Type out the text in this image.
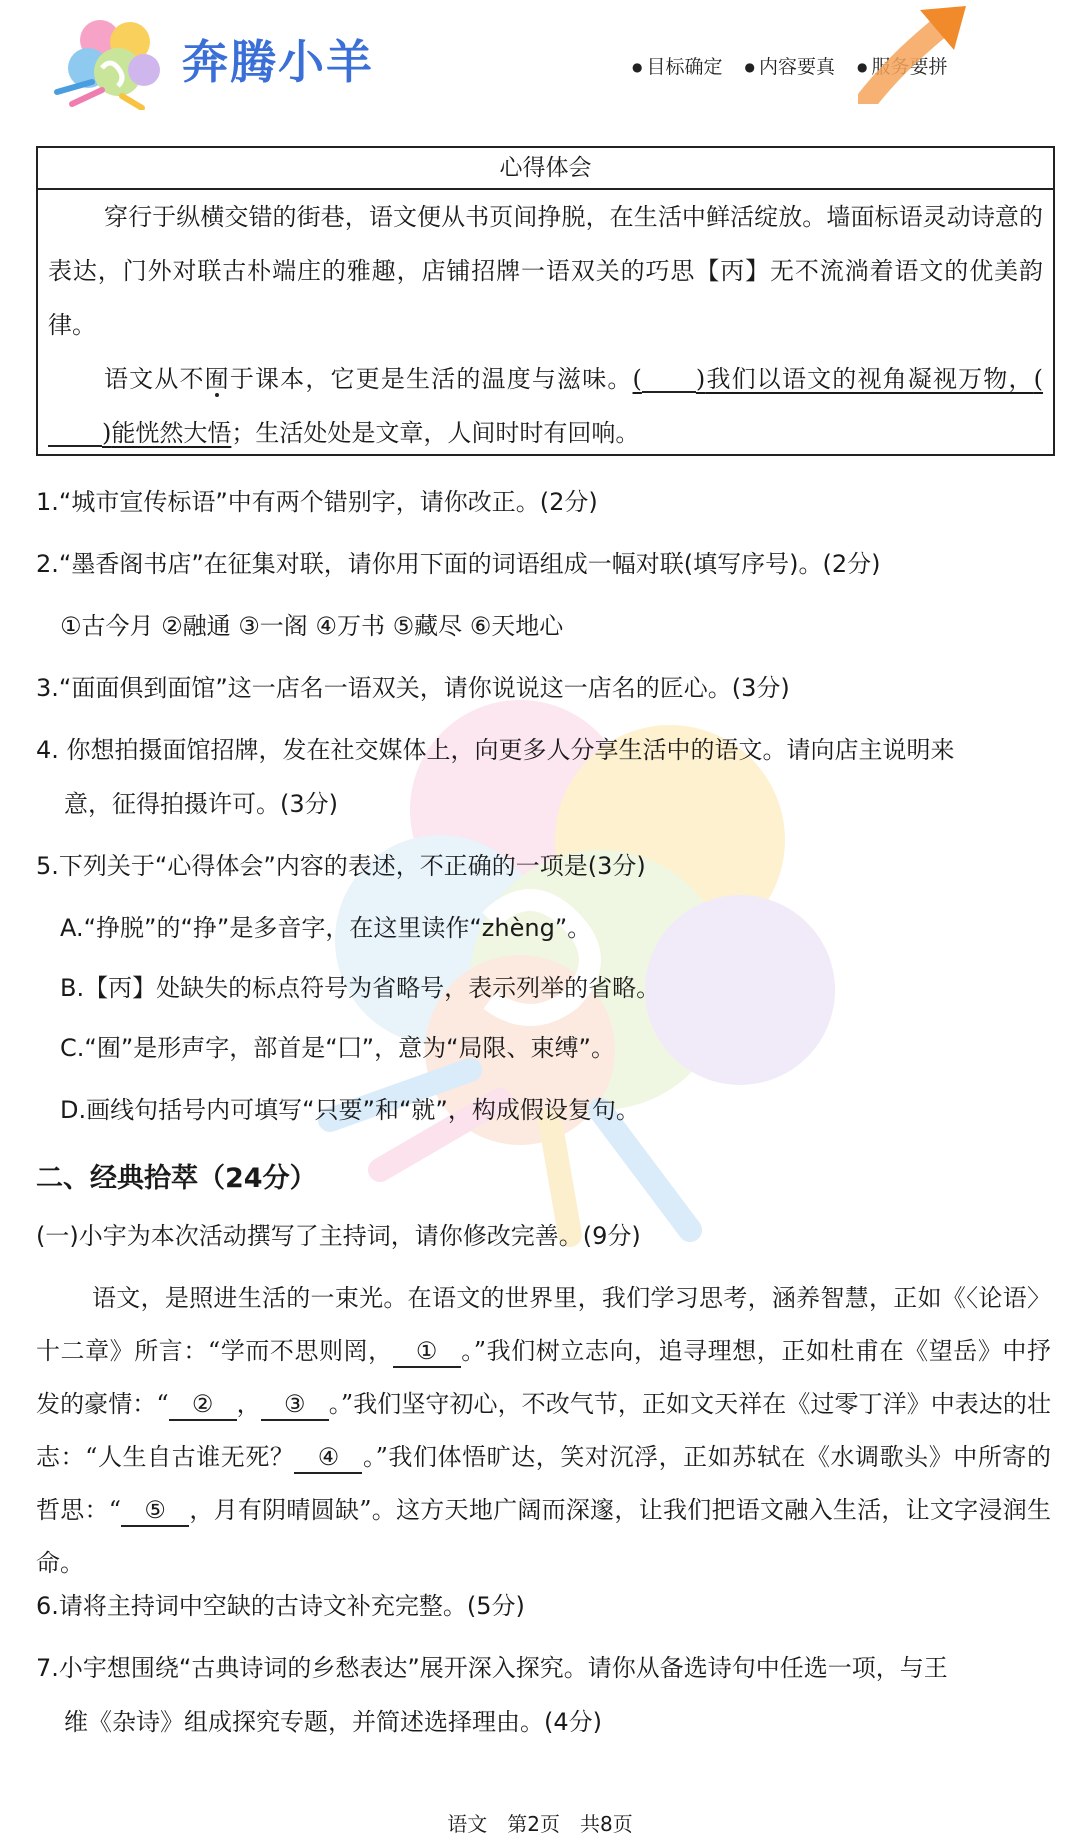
奔腾小羊	● 目标确定	● 内容要真	● 服务要拼
心得体会

穿行于纵横交错的街巷，语文便从书页间挣脱，在生活中鲜活绽放。墙面标语灵动诗意的表达，门外对联古朴端庄的雅趣，店铺招牌一语双关的巧思【丙】无不流淌着语文的优美韵律。

语文从不囿于课本，它更是生活的温度与滋味。( )我们以语文的视角凝视万物，()能恍然大悟；生活处处是文章，人间时时有回响。

1.“城市宣传标语”中有两个错别字，请你改正。(2分)
2.“墨香阁书店”在征集对联，请你用下面的词语组成一幅对联(填写序号)。(2分)
①古今月 ②融通 ③一阁 ④万书 ⑤藏尽 ⑥天地心
3.“面面俱到面馆”这一店名一语双关，请你说说这一店名的匠心。(3分)
4. 你想拍摄面馆招牌，发在社交媒体上，向更多人分享生活中的语文。请向店主说明来
意，征得拍摄许可。(3分)
5.下列关于“心得体会”内容的表述，不正确的一项是(3分)
A.“挣脱”的“挣”是多音字，在这里读作“zhèng”。
B.【丙】处缺失的标点符号为省略号，表示列举的省略。
C.“囿”是形声字，部首是“囗”，意为“局限、束缚”。
D.画线句括号内可填写“只要”和“就”，构成假设复句。
二、经典拾萃（24分）
(一)小宇为本次活动撰写了主持词，请你修改完善。(9分)
语文，是照进生活的一束光。在语文的世界里，我们学习思考，涵养智慧，正如《〈论语〉十二章》所言：“学而不思则罔， ① 。”我们树立志向，追寻理想，正如杜甫在《望岳》中抒发的豪情：“ ② ， ③ 。”我们坚守初心，不改气节，正如文天祥在《过零丁洋》中表达的壮志：“人生自古谁无死？ ④ 。”我们体悟旷达，笑对沉浮，正如苏轼在《水调歌头》中所寄的哲思：“ ⑤ ，月有阴晴圆缺”。这方天地广阔而深邃，让我们把语文融入生活，让文字浸润生命。
6.请将主持词中空缺的古诗文补充完整。(5分)
7.小宇想围绕“古典诗词的乡愁表达”展开深入探究。请你从备选诗句中任选一项，与王
维《杂诗》组成探究专题，并简述选择理由。(4分)
语文　第2页　共8页
